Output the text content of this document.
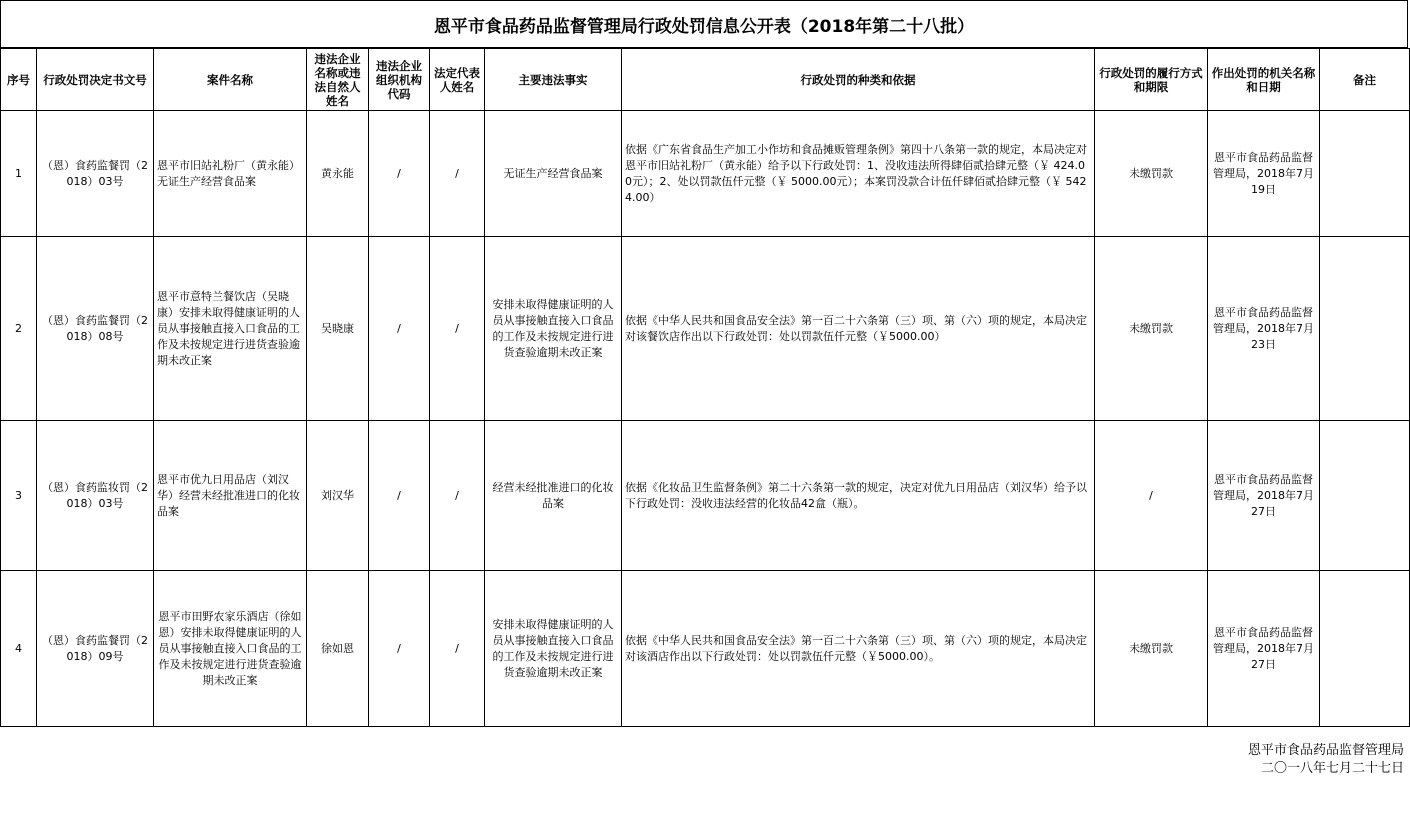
恩平市食品药品监督管理局行政处罚信息公开表（2018年第二十八批）
序号	行政处罚决定书文号	案件名称	违法企业名称或违法自然人姓名	违法企业组织机构代码	法定代表人姓名	主要违法事实	行政处罚的种类和依据	行政处罚的履行方式和期限	作出处罚的机关名称和日期	备注
1	（恩）食药监餐罚（2018）03号	恩平市旧站礼粉厂（黄永能）无证生产经营食品案	黄永能	/	/	无证生产经营食品案	依据《广东省食品生产加工小作坊和食品摊贩管理条例》第四十八条第一款的规定，本局决定对恩平市旧站礼粉厂（黄永能）给予以下行政处罚：1、没收违法所得肆佰贰拾肆元整（￥ 424.00元）；2、处以罚款伍仟元整（￥ 5000.00元）；本案罚没款合计伍仟肆佰贰拾肆元整（￥ 5424.00）	未缴罚款	恩平市食品药品监督管理局，2018年7月19日	
2	（恩）食药监餐罚（2018）08号	恩平市意特兰餐饮店（吴晓康）安排未取得健康证明的人员从事接触直接入口食品的工作及未按规定进行进货查验逾期未改正案	吴晓康	/	/	安排未取得健康证明的人员从事接触直接入口食品的工作及未按规定进行进货查验逾期未改正案	依据《中华人民共和国食品安全法》第一百二十六条第（三）项、第（六）项的规定，本局决定对该餐饮店作出以下行政处罚：处以罚款伍仟元整（￥5000.00）	未缴罚款	恩平市食品药品监督管理局，2018年7月23日	
3	（恩）食药监妆罚（2018）03号	恩平市优九日用品店（刘汉华）经营未经批准进口的化妆品案	刘汉华	/	/	经营未经批准进口的化妆品案	依据《化妆品卫生监督条例》第二十六条第一款的规定，决定对优九日用品店（刘汉华）给予以下行政处罚：没收违法经营的化妆品42盒（瓶）。	/	恩平市食品药品监督管理局，2018年7月27日	
4	（恩）食药监餐罚（2018）09号	恩平市田野农家乐酒店（徐如恩）安排未取得健康证明的人员从事接触直接入口食品的工作及未按规定进行进货查验逾期未改正案	徐如恩	/	/	安排未取得健康证明的人员从事接触直接入口食品的工作及未按规定进行进货查验逾期未改正案	依据《中华人民共和国食品安全法》第一百二十六条第（三）项、第（六）项的规定，本局决定对该酒店作出以下行政处罚：处以罚款伍仟元整（￥5000.00）。	未缴罚款	恩平市食品药品监督管理局，2018年7月27日	
恩平市食品药品监督管理局
二〇一八年七月二十七日
